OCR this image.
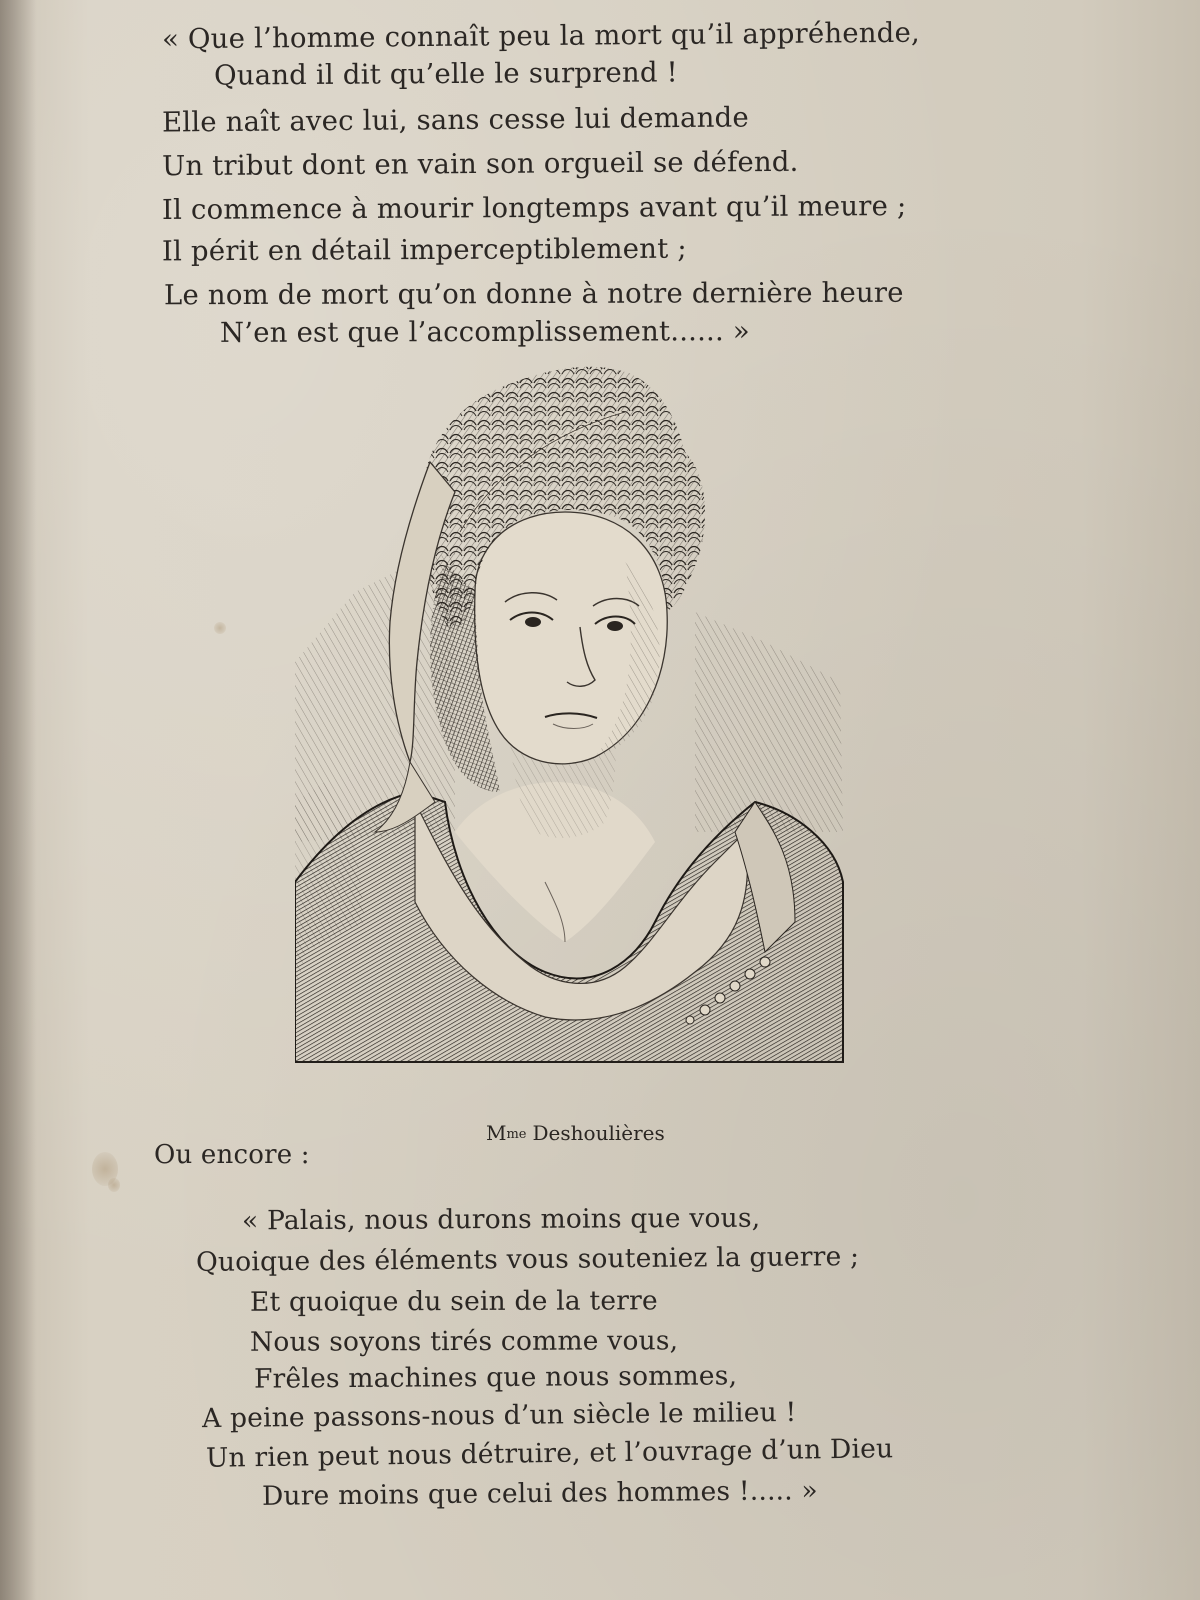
« Que l’homme connaît peu la mort qu’il appréhende,
Quand il dit qu’elle le surprend !
Elle naît avec lui, sans cesse lui demande
Un tribut dont en vain son orgueil se défend.
Il commence à mourir longtemps avant qu’il meure ;
Il périt en détail imperceptiblement ;
Le nom de mort qu’on donne à notre dernière heure
N’en est que l’accomplissement...... »
Mme Deshoulières
Ou encore :
« Palais, nous durons moins que vous,
Quoique des éléments vous souteniez la guerre ;
Et quoique du sein de la terre
Nous soyons tirés comme vous,
Frêles machines que nous sommes,
A peine passons-nous d’un siècle le milieu !
Un rien peut nous détruire, et l’ouvrage d’un Dieu
Dure moins que celui des hommes !..... »
